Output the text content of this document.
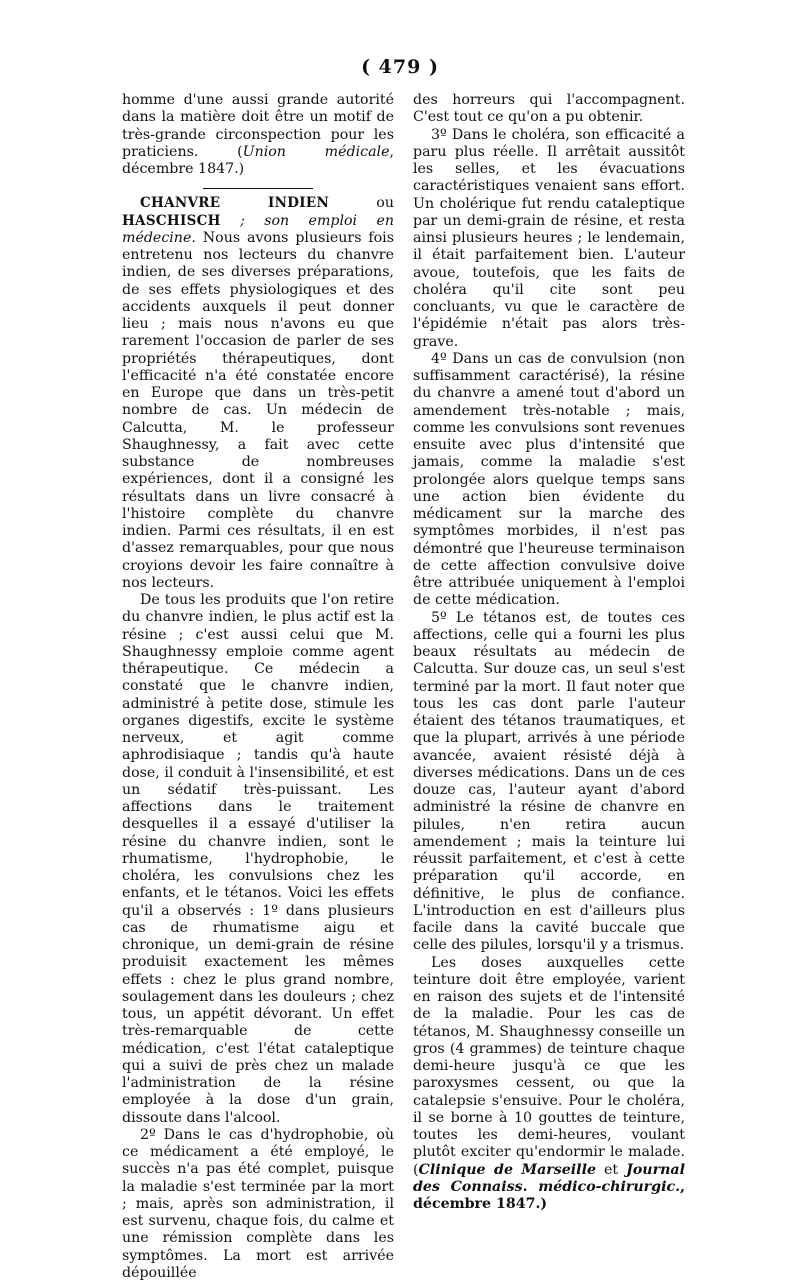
( 479 )

homme d'une aussi grande autorité dans la matière doit être un motif de très-grande circonspection pour les praticiens. (Union médicale, décembre 1847.)

CHANVRE INDIEN ou HASCHISCH ; son emploi en médecine. Nous avons plusieurs fois entretenu nos lecteurs du chanvre indien, de ses diverses préparations, de ses effets physiologiques et des accidents auxquels il peut donner lieu ; mais nous n'avons eu que rarement l'occasion de parler de ses propriétés thérapeutiques, dont l'efficacité n'a été constatée encore en Europe que dans un très-petit nombre de cas. Un médecin de Calcutta, M. le professeur Shaughnessy, a fait avec cette substance de nombreuses expériences, dont il a consigné les résultats dans un livre consacré à l'histoire complète du chanvre indien. Parmi ces résultats, il en est d'assez remarquables, pour que nous croyions devoir les faire connaître à nos lecteurs.

De tous les produits que l'on retire du chanvre indien, le plus actif est la résine ; c'est aussi celui que M. Shaughnessy emploie comme agent thérapeutique. Ce médecin a constaté que le chanvre indien, administré à petite dose, stimule les organes digestifs, excite le système nerveux, et agit comme aphrodisiaque ; tandis qu'à haute dose, il conduit à l'insensibilité, et est un sédatif très-puissant. Les affections dans le traitement desquelles il a essayé d'utiliser la résine du chanvre indien, sont le rhumatisme, l'hydrophobie, le choléra, les convulsions chez les enfants, et le tétanos. Voici les effets qu'il a observés : 1º dans plusieurs cas de rhumatisme aigu et chronique, un demi-grain de résine produisit exactement les mêmes effets : chez le plus grand nombre, soulagement dans les douleurs ; chez tous, un appétit dévorant. Un effet très-remarquable de cette médication, c'est l'état cataleptique qui a suivi de près chez un malade l'administration de la résine employée à la dose d'un grain, dissoute dans l'alcool.

2º Dans le cas d'hydrophobie, où ce médicament a été employé, le succès n'a pas été complet, puisque la maladie s'est terminée par la mort ; mais, après son administration, il est survenu, chaque fois, du calme et une rémission complète dans les symptômes. La mort est arrivée dépouillée

des horreurs qui l'accompagnent. C'est tout ce qu'on a pu obtenir.

3º Dans le choléra, son efficacité a paru plus réelle. Il arrêtait aussitôt les selles, et les évacuations caractéristiques venaient sans effort. Un cholérique fut rendu cataleptique par un demi-grain de résine, et resta ainsi plusieurs heures ; le lendemain, il était parfaitement bien. L'auteur avoue, toutefois, que les faits de choléra qu'il cite sont peu concluants, vu que le caractère de l'épidémie n'était pas alors très-grave.

4º Dans un cas de convulsion (non suffisamment caractérisé), la résine du chanvre a amené tout d'abord un amendement très-notable ; mais, comme les convulsions sont revenues ensuite avec plus d'intensité que jamais, comme la maladie s'est prolongée alors quelque temps sans une action bien évidente du médicament sur la marche des symptômes morbides, il n'est pas démontré que l'heureuse terminaison de cette affection convulsive doive être attribuée uniquement à l'emploi de cette médication.

5º Le tétanos est, de toutes ces affections, celle qui a fourni les plus beaux résultats au médecin de Calcutta. Sur douze cas, un seul s'est terminé par la mort. Il faut noter que tous les cas dont parle l'auteur étaient des tétanos traumatiques, et que la plupart, arrivés à une période avancée, avaient résisté déjà à diverses médications. Dans un de ces douze cas, l'auteur ayant d'abord administré la résine de chanvre en pilules, n'en retira aucun amendement ; mais la teinture lui réussit parfaitement, et c'est à cette préparation qu'il accorde, en définitive, le plus de confiance. L'introduction en est d'ailleurs plus facile dans la cavité buccale que celle des pilules, lorsqu'il y a trismus.

Les doses auxquelles cette teinture doit être employée, varient en raison des sujets et de l'intensité de la maladie. Pour les cas de tétanos, M. Shaughnessy conseille un gros (4 grammes) de teinture chaque demi-heure jusqu'à ce que les paroxysmes cessent, ou que la catalepsie s'ensuive. Pour le choléra, il se borne à 10 gouttes de teinture, toutes les demi-heures, voulant plutôt exciter qu'endormir le malade. (Clinique de Marseille et Journal des Connaiss. médico-chirurgic., décembre 1847.)
